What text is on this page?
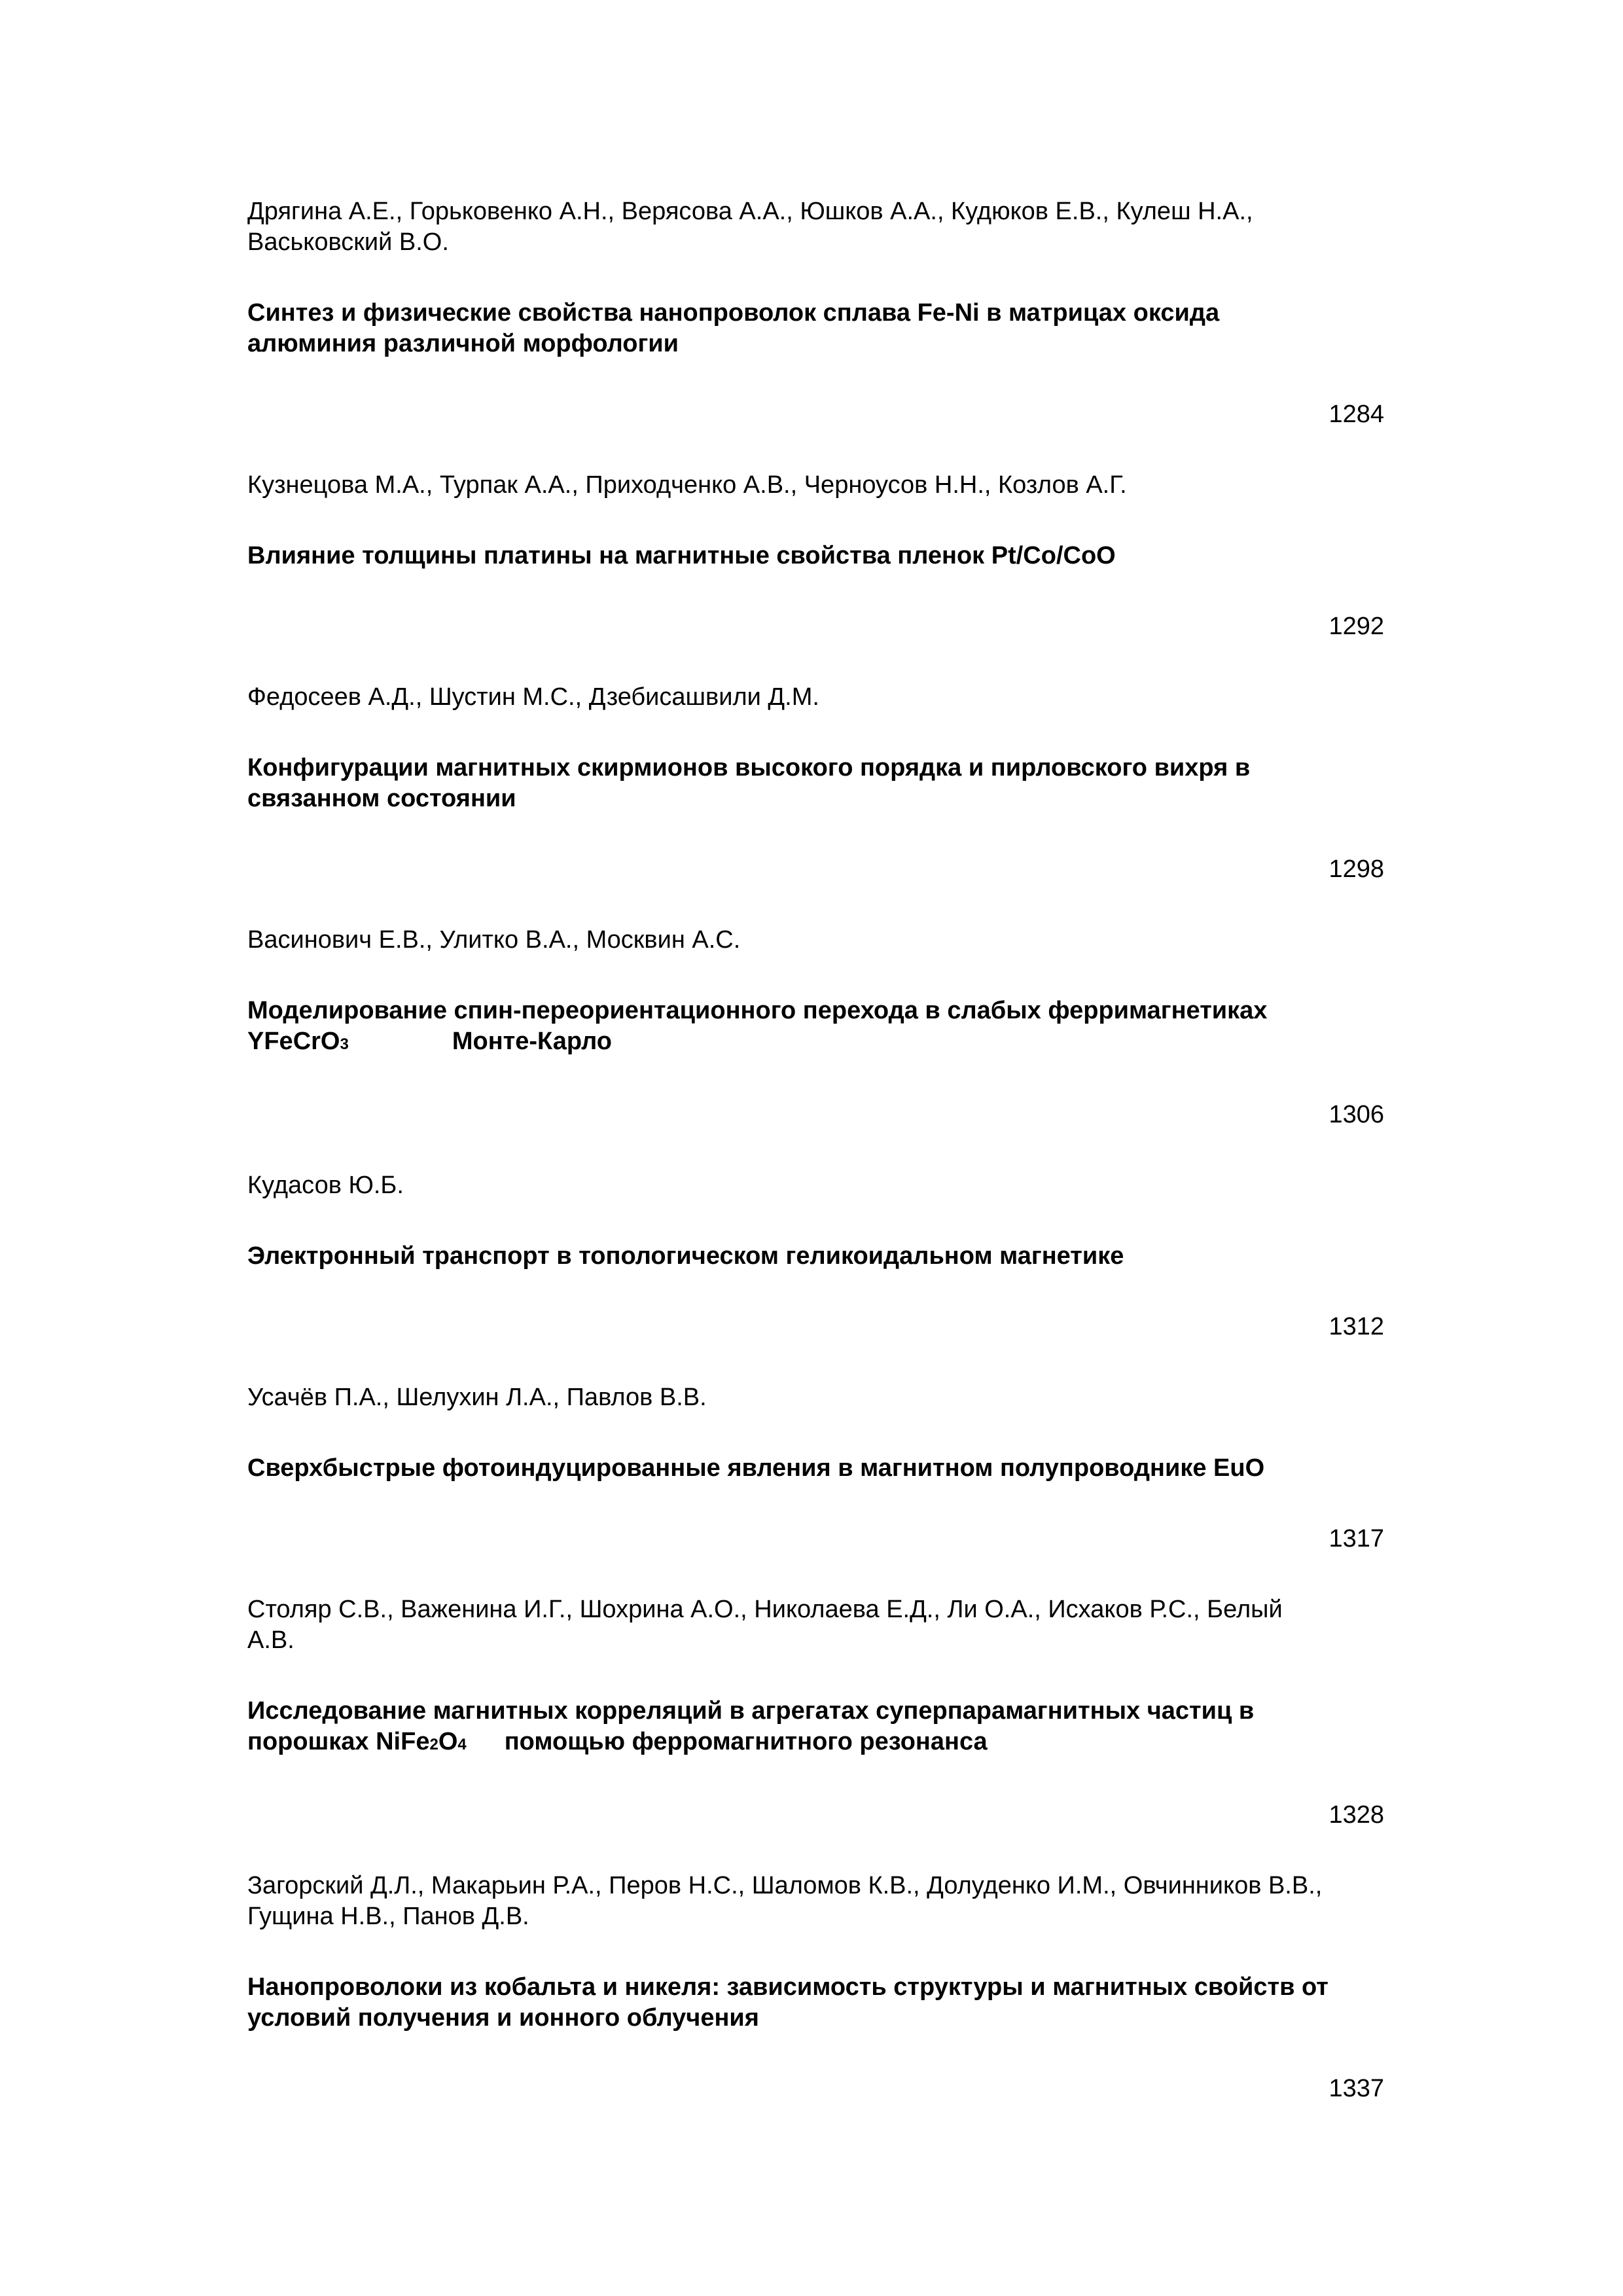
Дрягина А.Е., Горьковенко А.Н., Верясова А.А., Юшков А.А., Кудюков Е.В., Кулеш Н.А.,
Васьковский В.О.
Синтез и физические свойства нанопроволок сплава Fe-Ni в матрицах оксида
алюминия различной морфологии
1284
Кузнецова М.А., Турпак А.А., Приходченко А.В., Черноусов Н.Н., Козлов А.Г.
Влияние толщины платины на магнитные свойства пленок Pt/Co/CoO
1292
Федосеев А.Д., Шустин М.С., Дзебисашвили Д.М.
Конфигурации магнитных скирмионов высокого порядка и пирловского вихря в
связанном состоянии
1298
Васинович Е.В., Улитко В.А., Москвин А.С.
Моделирование спин-переориентационного перехода в слабых ферримагнетиках
YFeCrO3	Монте-Карло
1306
Кудасов Ю.Б.
Электронный транспорт в топологическом геликоидальном магнетике
1312
Усачёв П.А., Шелухин Л.А., Павлов В.В.
Сверхбыстрые фотоиндуцированные явления в магнитном полупроводнике EuO
1317
Столяр С.В., Важенина И.Г., Шохрина А.О., Николаева Е.Д., Ли О.А., Исхаков Р.С., Белый
А.В.
Исследование магнитных корреляций в агрегатах суперпарамагнитных частиц в
порошках NiFe2O4 помощью ферромагнитного резонанса
1328
Загорский Д.Л., Макарьин Р.А., Перов Н.С., Шаломов К.В., Долуденко И.М., Овчинников В.В.,
Гущина Н.В., Панов Д.В.
Нанопроволоки из кобальта и никеля: зависимость структуры и магнитных свойств от
условий получения и ионного облучения
1337
